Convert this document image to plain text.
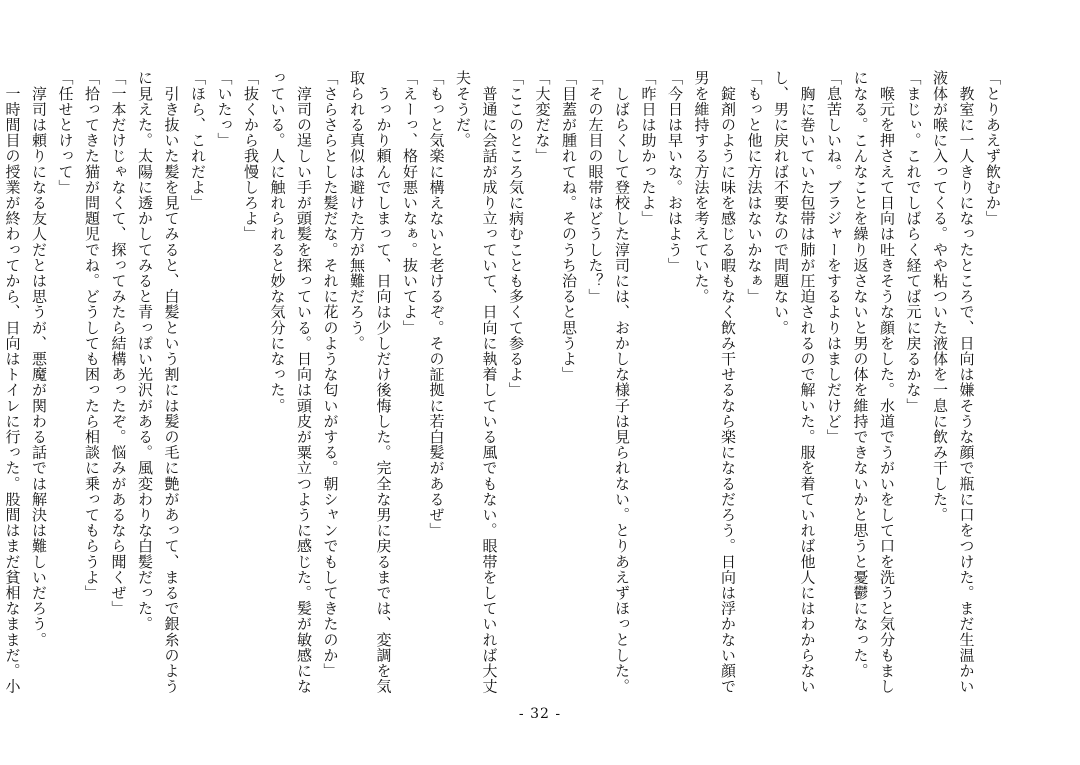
「とりあえず飲むか」
　教室に一人きりになったところで、日向は嫌そうな顔で瓶に口をつけた。まだ生温かい
液体が喉に入ってくる。やや粘ついた液体を一息に飲み干した。
「まじぃ。これでしばらく経てば元に戻るかな」
　喉元を押さえて日向は吐きそうな顔をした。水道でうがいをして口を洗うと気分もまし
になる。こんなことを繰り返さないと男の体を維持できないかと思うと憂鬱になった。
「息苦しいね。ブラジャーをするよりはましだけど」
　胸に巻いていた包帯は肺が圧迫されるので解いた。服を着ていれば他人にはわからない
し、男に戻れば不要なので問題ない。
「もっと他に方法はないかなぁ」
　錠剤のように味を感じる暇もなく飲み干せるなら楽になるだろう。日向は浮かない顔で
男を維持する方法を考えていた。
「今日は早いな。おはよう」
「昨日は助かったよ」
　しばらくして登校した淳司には、おかしな様子は見られない。とりあえずほっとした。
「その左目の眼帯はどうした？」
「目蓋が腫れてね。そのうち治ると思うよ」
「大変だな」
「ここのところ気に病むことも多くて参るよ」
　普通に会話が成り立っていて、日向に執着している風でもない。眼帯をしていれば大丈
夫そうだ。
「もっと気楽に構えないと老けるぞ。その証拠に若白髪があるぜ」
「えーっ、格好悪いなぁ。抜いてよ」
　うっかり頼んでしまって、日向は少しだけ後悔した。完全な男に戻るまでは、変調を気
取られる真似は避けた方が無難だろう。
「さらさらとした髪だな。それに花のような匂いがする。朝シャンでもしてきたのか」
　淳司の逞しい手が頭髪を探っている。日向は頭皮が粟立つように感じた。髪が敏感にな
っている。人に触れられると妙な気分になった。
「抜くから我慢しろよ」
「いたっ」
「ほら、これだよ」
　引き抜いた髪を見てみると、白髪という割には髪の毛に艶があって、まるで銀糸のよう
に見えた。太陽に透かしてみると青っぽい光沢がある。風変わりな白髪だった。
「一本だけじゃなくて、探ってみたら結構あったぞ。悩みがあるなら聞くぜ」
「拾ってきた猫が問題児でね。どうしても困ったら相談に乗ってもらうよ」
「任せとけって」
　淳司は頼りになる友人だとは思うが、悪魔が関わる話では解決は難しいだろう。
　一時間目の授業が終わってから、日向はトイレに行った。股間はまだ貧相なままだ。小
- 32 -
